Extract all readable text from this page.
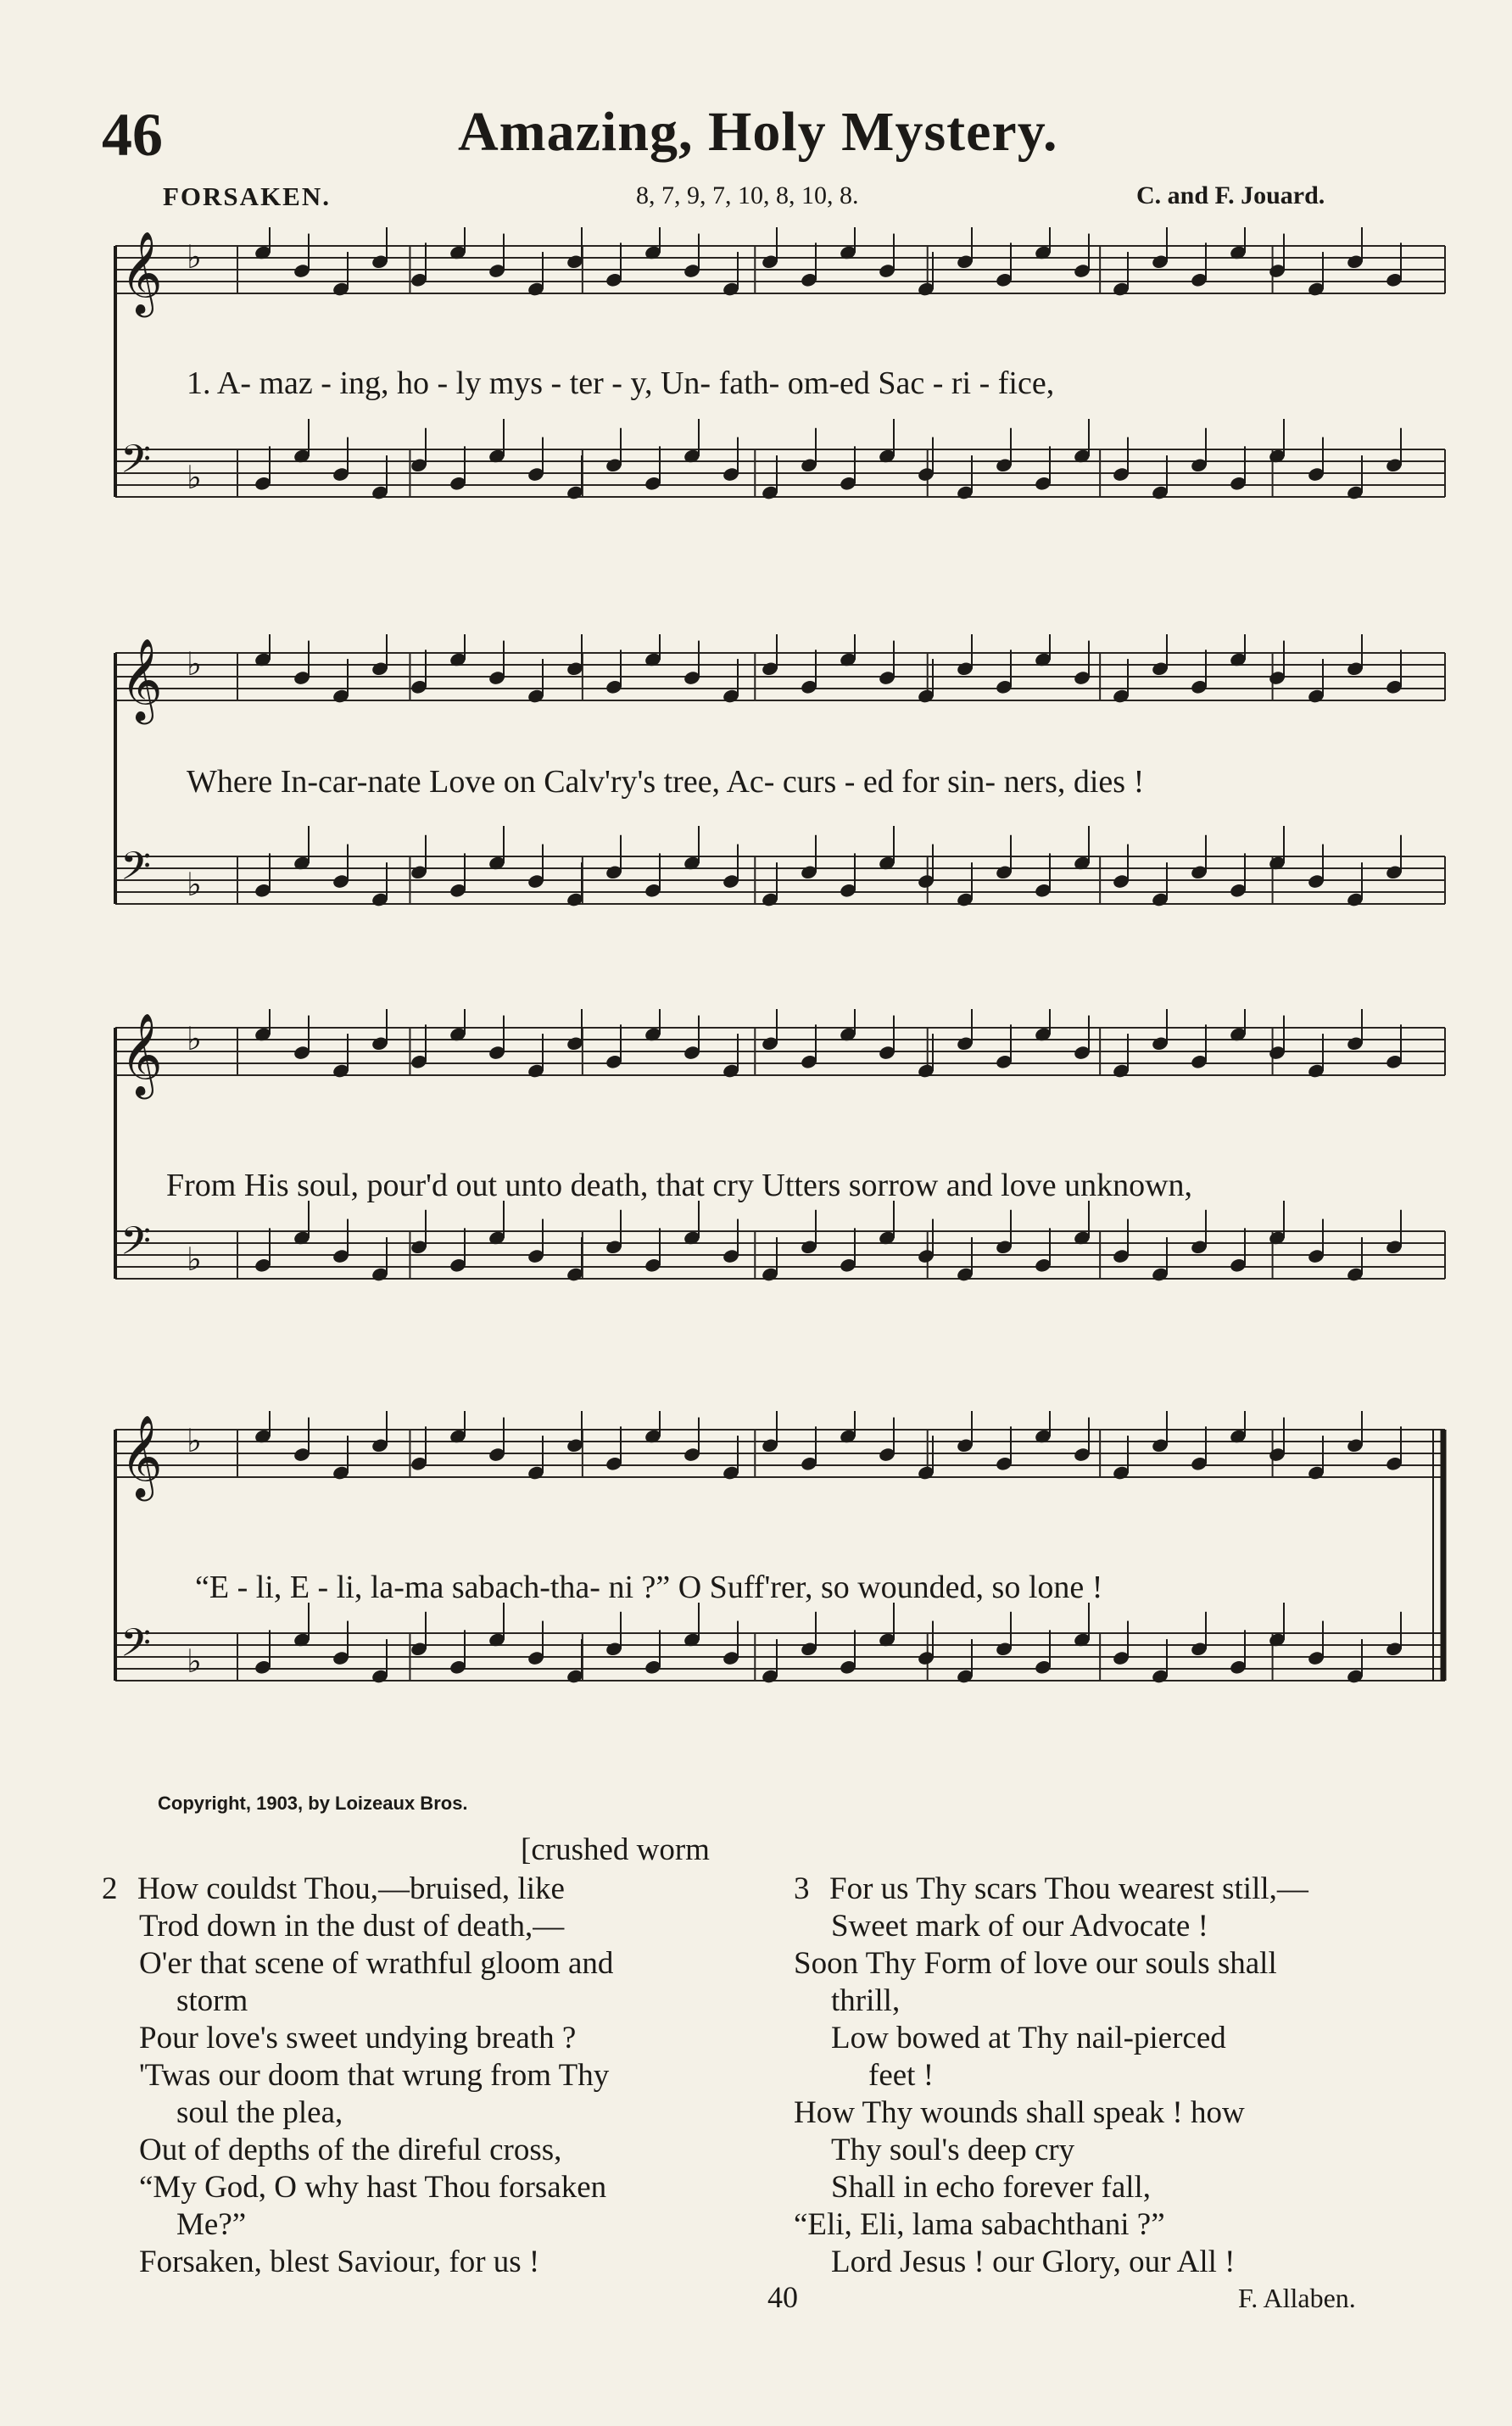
46	Amazing, Holy Mystery.
FORSAKEN.	8, 7, 9, 7, 10, 8, 10, 8.	C. and F. Jouard.
𝄞 ♭
𝄢 ♭
1. A- maz - ing, ho - ly mys - ter - y, Un- fath- om-ed Sac - ri - fice,
𝄞 ♭
𝄢 ♭
Where In-car-nate Love on Calv'ry's tree, Ac- curs - ed for sin- ners, dies !
𝄞 ♭
𝄢 ♭
From His soul, pour'd out unto death, that cry Utters sorrow and love unknown,
𝄞 ♭
𝄢 ♭
“E - li, E - li, la-ma sabach-tha- ni ?” O Suff'rer, so wounded, so lone !
Copyright, 1903, by Loizeaux Bros.
[crushed worm
2 How couldst Thou,—bruised, like
Trod down in the dust of death,—
O'er that scene of wrathful gloom and
storm
Pour love's sweet undying breath ?
'Twas our doom that wrung from Thy
soul the plea,
Out of depths of the direful cross,
“My God, O why hast Thou forsaken
Me?”
Forsaken, blest Saviour, for us !
3 For us Thy scars Thou wearest still,—
Sweet mark of our Advocate !
Soon Thy Form of love our souls shall
thrill,
Low bowed at Thy nail-pierced
feet !
How Thy wounds shall speak ! how
Thy soul's deep cry
Shall in echo forever fall,
“Eli, Eli, lama sabachthani ?”
Lord Jesus ! our Glory, our All !
40	F. Allaben.
